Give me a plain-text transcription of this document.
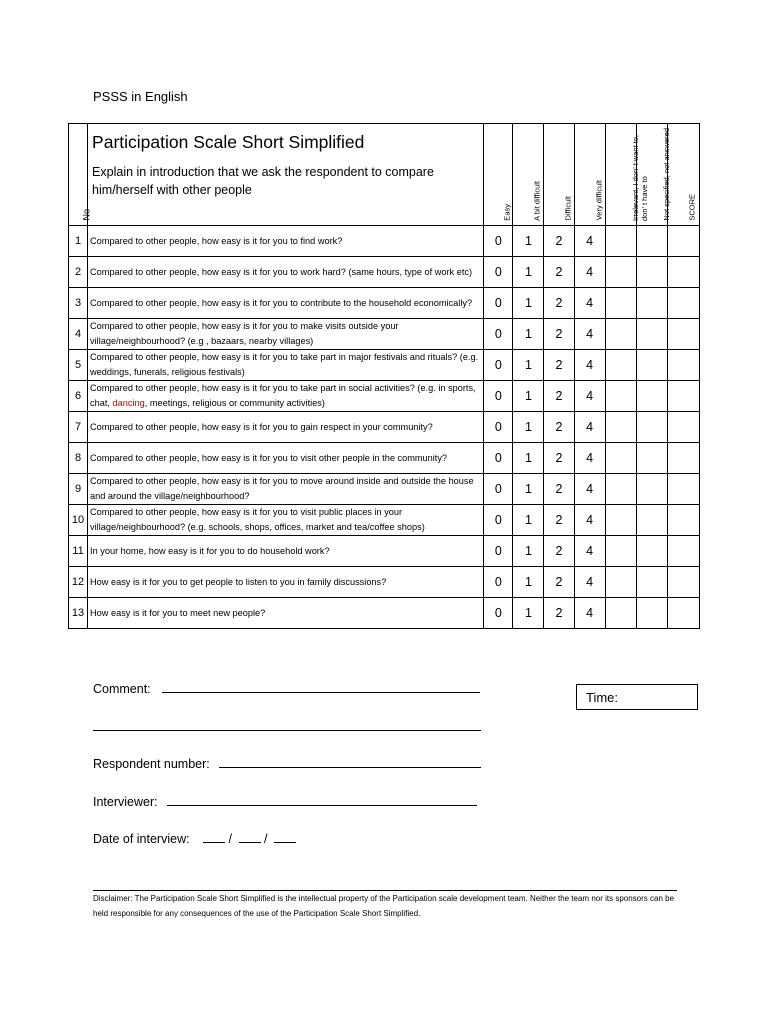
PSSS in English
No	Participation Scale Short Simplified
Explain in introduction that we ask the respondent to compare him/herself with other people	Easy	A bit difficult	Difficult	Very difficult	Irrelevant, I don’ t want to, don’ t have to	Not specified, not answered	SCORE

1	Compared to other people, how easy is it for you to find work?	0	1	2	4			
2	Compared to other people, how easy is it for you to work hard? (same hours, type of work etc)	0	1	2	4			
3	Compared to other people, how easy is it for you to contribute to the household economically?	0	1	2	4			
4	Compared to other people, how easy is it for you to make visits outside your village/neighbourhood? (e.g , bazaars, nearby villages)	0	1	2	4			
5	Compared to other people, how easy is it for you to take part in major festivals and rituals? (e.g. weddings, funerals, religious festivals)	0	1	2	4			
6	Compared to other people, how easy is it for you to take part in social activities? (e.g. in sports, chat, dancing, meetings, religious or community activities)	0	1	2	4			
7	Compared to other people, how easy is it for you to gain respect in your community?	0	1	2	4			
8	Compared to other people, how easy is it for you to visit other people in the community?	0	1	2	4			
9	Compared to other people, how easy is it for you to move around inside and outside the house and around the village/neighbourhood?	0	1	2	4			
10	Compared to other people, how easy is it for you to visit public places in your village/neighbourhood? (e.g. schools, shops, offices, market and tea/coffee shops)	0	1	2	4			
11	In your home, how easy is it for you to do household work?	0	1	2	4			
12	How easy is it for you to get people to listen to you in family discussions?	0	1	2	4			
13	How easy is it for you to meet new people?	0	1	2	4			
Comment:
Time:
Respondent number:
Interviewer:
Date of interview:	/	/
Disclaimer: The Participation Scale Short Simplified is the intellectual property of the Participation scale development team. Neither the team nor its sponsors can be held responsible for any consequences of the use of the Participation Scale Short Simplified.
